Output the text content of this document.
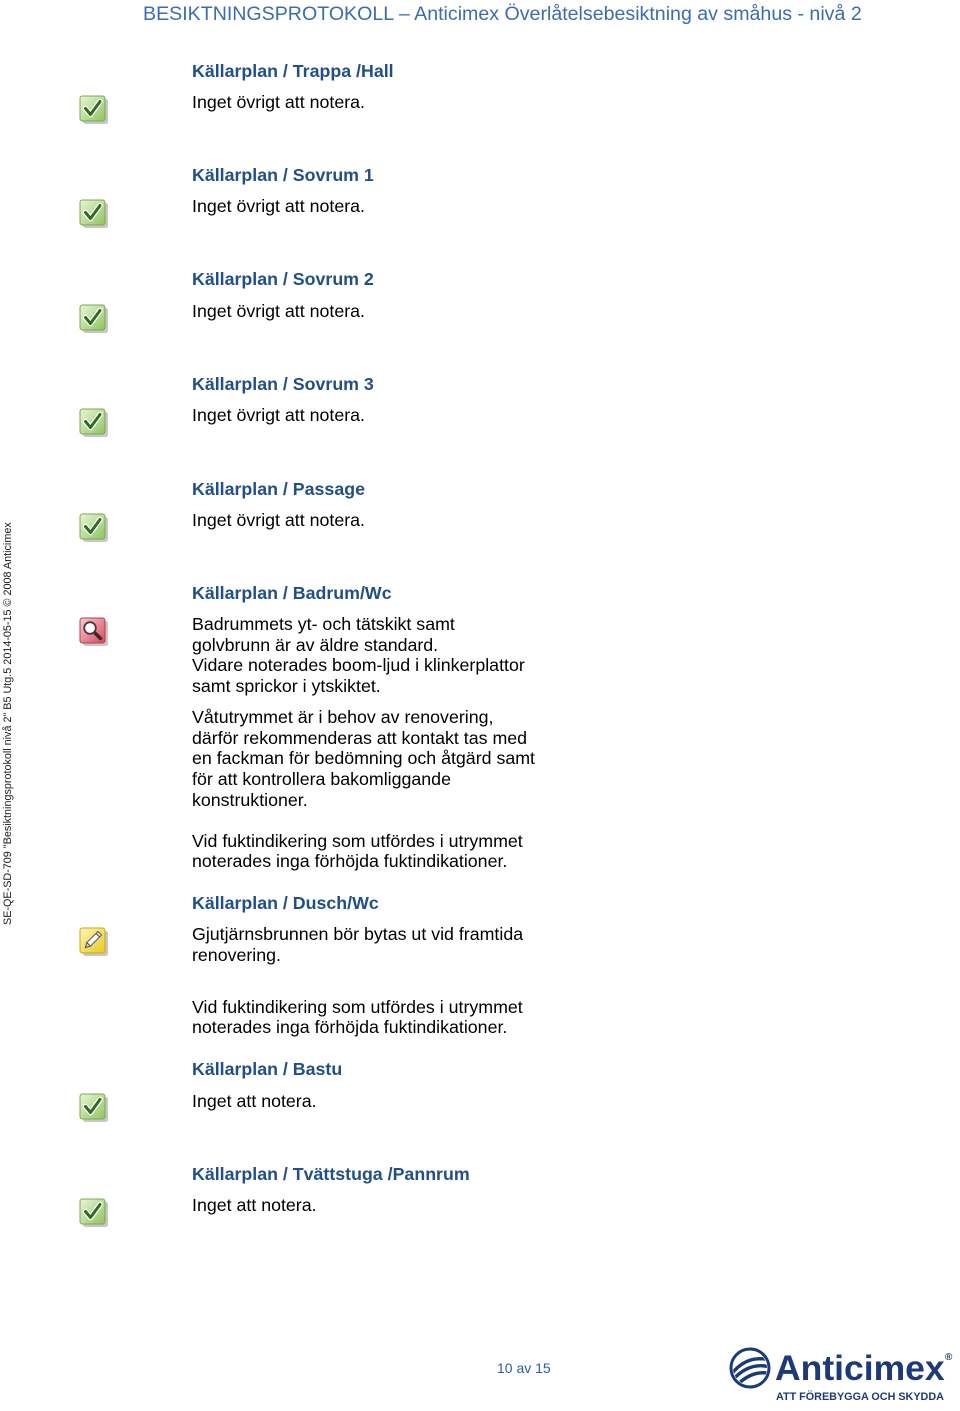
BESIKTNINGSPROTOKOLL – Anticimex Överlåtelsebesiktning av småhus - nivå 2
SE-QE-SD-709 "Besiktningsprotokoll nivå 2" B5 Utg.5 2014-05-15 © 2008 Anticimex
Källarplan / Trappa /Hall
Inget övrigt att notera.
Källarplan / Sovrum 1
Inget övrigt att notera.
Källarplan / Sovrum 2
Inget övrigt att notera.
Källarplan / Sovrum 3
Inget övrigt att notera.
Källarplan / Passage
Inget övrigt att notera.
Källarplan / Badrum/Wc
Badrummets yt- och tätskikt samt
golvbrunn är av äldre standard.
Vidare noterades boom-ljud i klinkerplattor
samt sprickor i ytskiktet.
Våtutrymmet är i behov av renovering,
därför rekommenderas att kontakt tas med
en fackman för bedömning och åtgärd samt
för att kontrollera bakomliggande
konstruktioner.
Vid fuktindikering som utfördes i utrymmet
noterades inga förhöjda fuktindikationer.
Källarplan / Dusch/Wc
Gjutjärnsbrunnen bör bytas ut vid framtida
renovering.
Vid fuktindikering som utfördes i utrymmet
noterades inga förhöjda fuktindikationer.
Källarplan / Bastu
Inget att notera.
Källarplan / Tvättstuga /Pannrum
Inget att notera.
10 av 15	Anticimex ®
ATT FÖREBYGGA OCH SKYDDA
